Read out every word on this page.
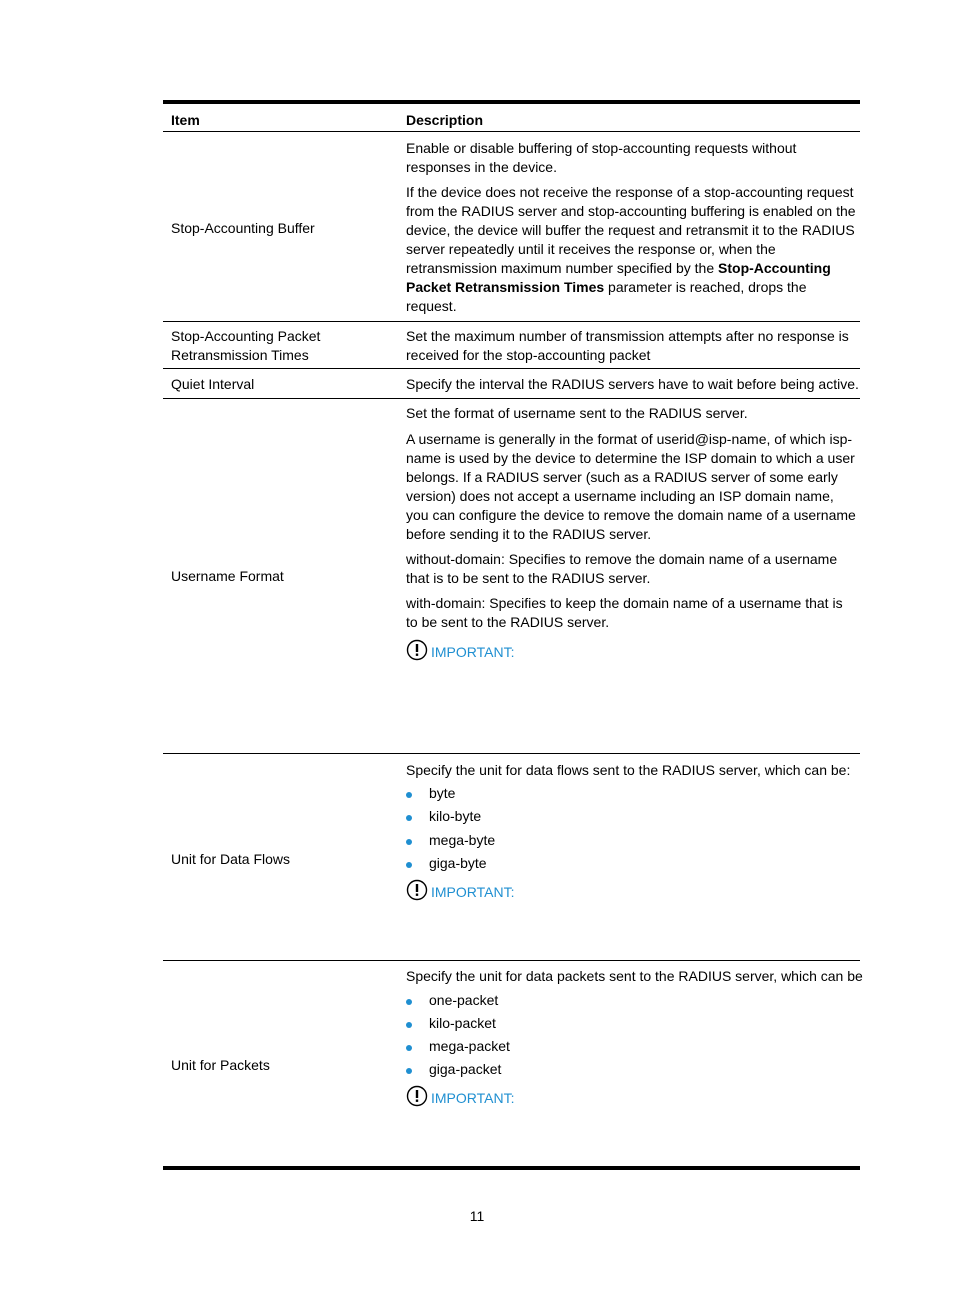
Item	Description
Stop-Accounting Buffer
Enable or disable buffering of stop-accounting requests without responses in the device.
If the device does not receive the response of a stop-accounting request from the RADIUS server and stop-accounting buffering is enabled on the device, the device will buffer the request and retransmit it to the RADIUS server repeatedly until it receives the response or, when the retransmission maximum number specified by the Stop-Accounting Packet Retransmission Times parameter is reached, drops the request.
Stop-Accounting Packet Retransmission Times
Set the maximum number of transmission attempts after no response is received for the stop-accounting packet
Quiet Interval	Specify the interval the RADIUS servers have to wait before being active.
Username Format
Set the format of username sent to the RADIUS server.
A username is generally in the format of userid@isp-name, of which isp-name is used by the device to determine the ISP domain to which a user belongs. If a RADIUS server (such as a RADIUS server of some early version) does not accept a username including an ISP domain name, you can configure the device to remove the domain name of a username before sending it to the RADIUS server.
without-domain: Specifies to remove the domain name of a username that is to be sent to the RADIUS server.
with-domain: Specifies to keep the domain name of a username that is to be sent to the RADIUS server.
IMPORTANT:
Unit for Data Flows
Specify the unit for data flows sent to the RADIUS server, which can be:
byte
kilo-byte
mega-byte
giga-byte
IMPORTANT:
Unit for Packets
Specify the unit for data packets sent to the RADIUS server, which can be
one-packet
kilo-packet
mega-packet
giga-packet
IMPORTANT:
11
